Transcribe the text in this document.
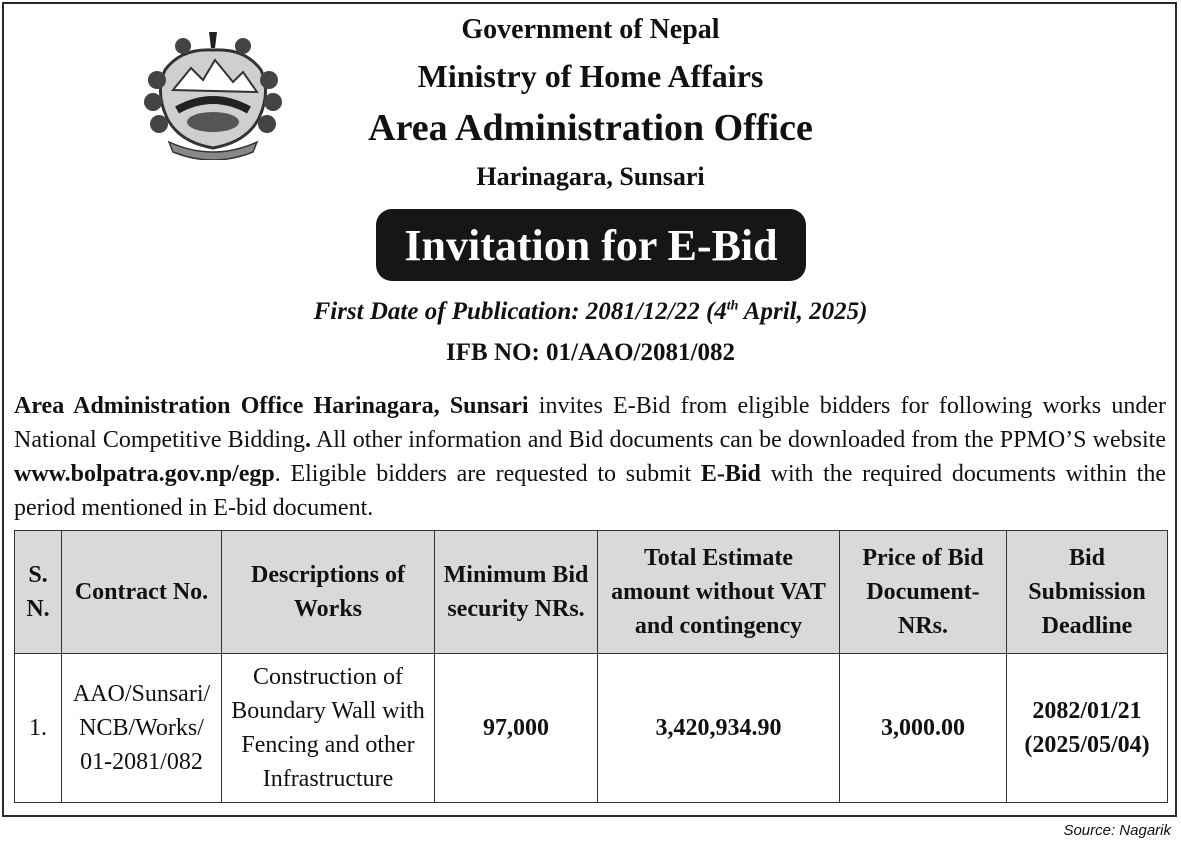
Government of Nepal
Ministry of Home Affairs
Area Administration Office
Harinagara, Sunsari
Invitation for E-Bid
First Date of Publication: 2081/12/22 (4th April, 2025)
IFB NO: 01/AAO/2081/082
Area Administration Office Harinagara, Sunsari invites E-Bid from eligible bidders for following works under National Competitive Bidding. All other information and Bid documents can be downloaded from the PPMO’S website www.bolpatra.gov.np/egp. Eligible bidders are requested to submit E-Bid with the required documents within the period mentioned in E-bid document.
S. N.	Contract No.	Descriptions of Works	Minimum Bid security NRs.	Total Estimate amount without VAT and contingency	Price of Bid Document- NRs.	Bid Submission Deadline
1.	AAO/Sunsari/ NCB/Works/ 01-2081/082	Construction of Boundary Wall with Fencing and other Infrastructure	97,000	3,420,934.90	3,000.00	2082/01/21 (2025/05/04)
Source: Nagarik
